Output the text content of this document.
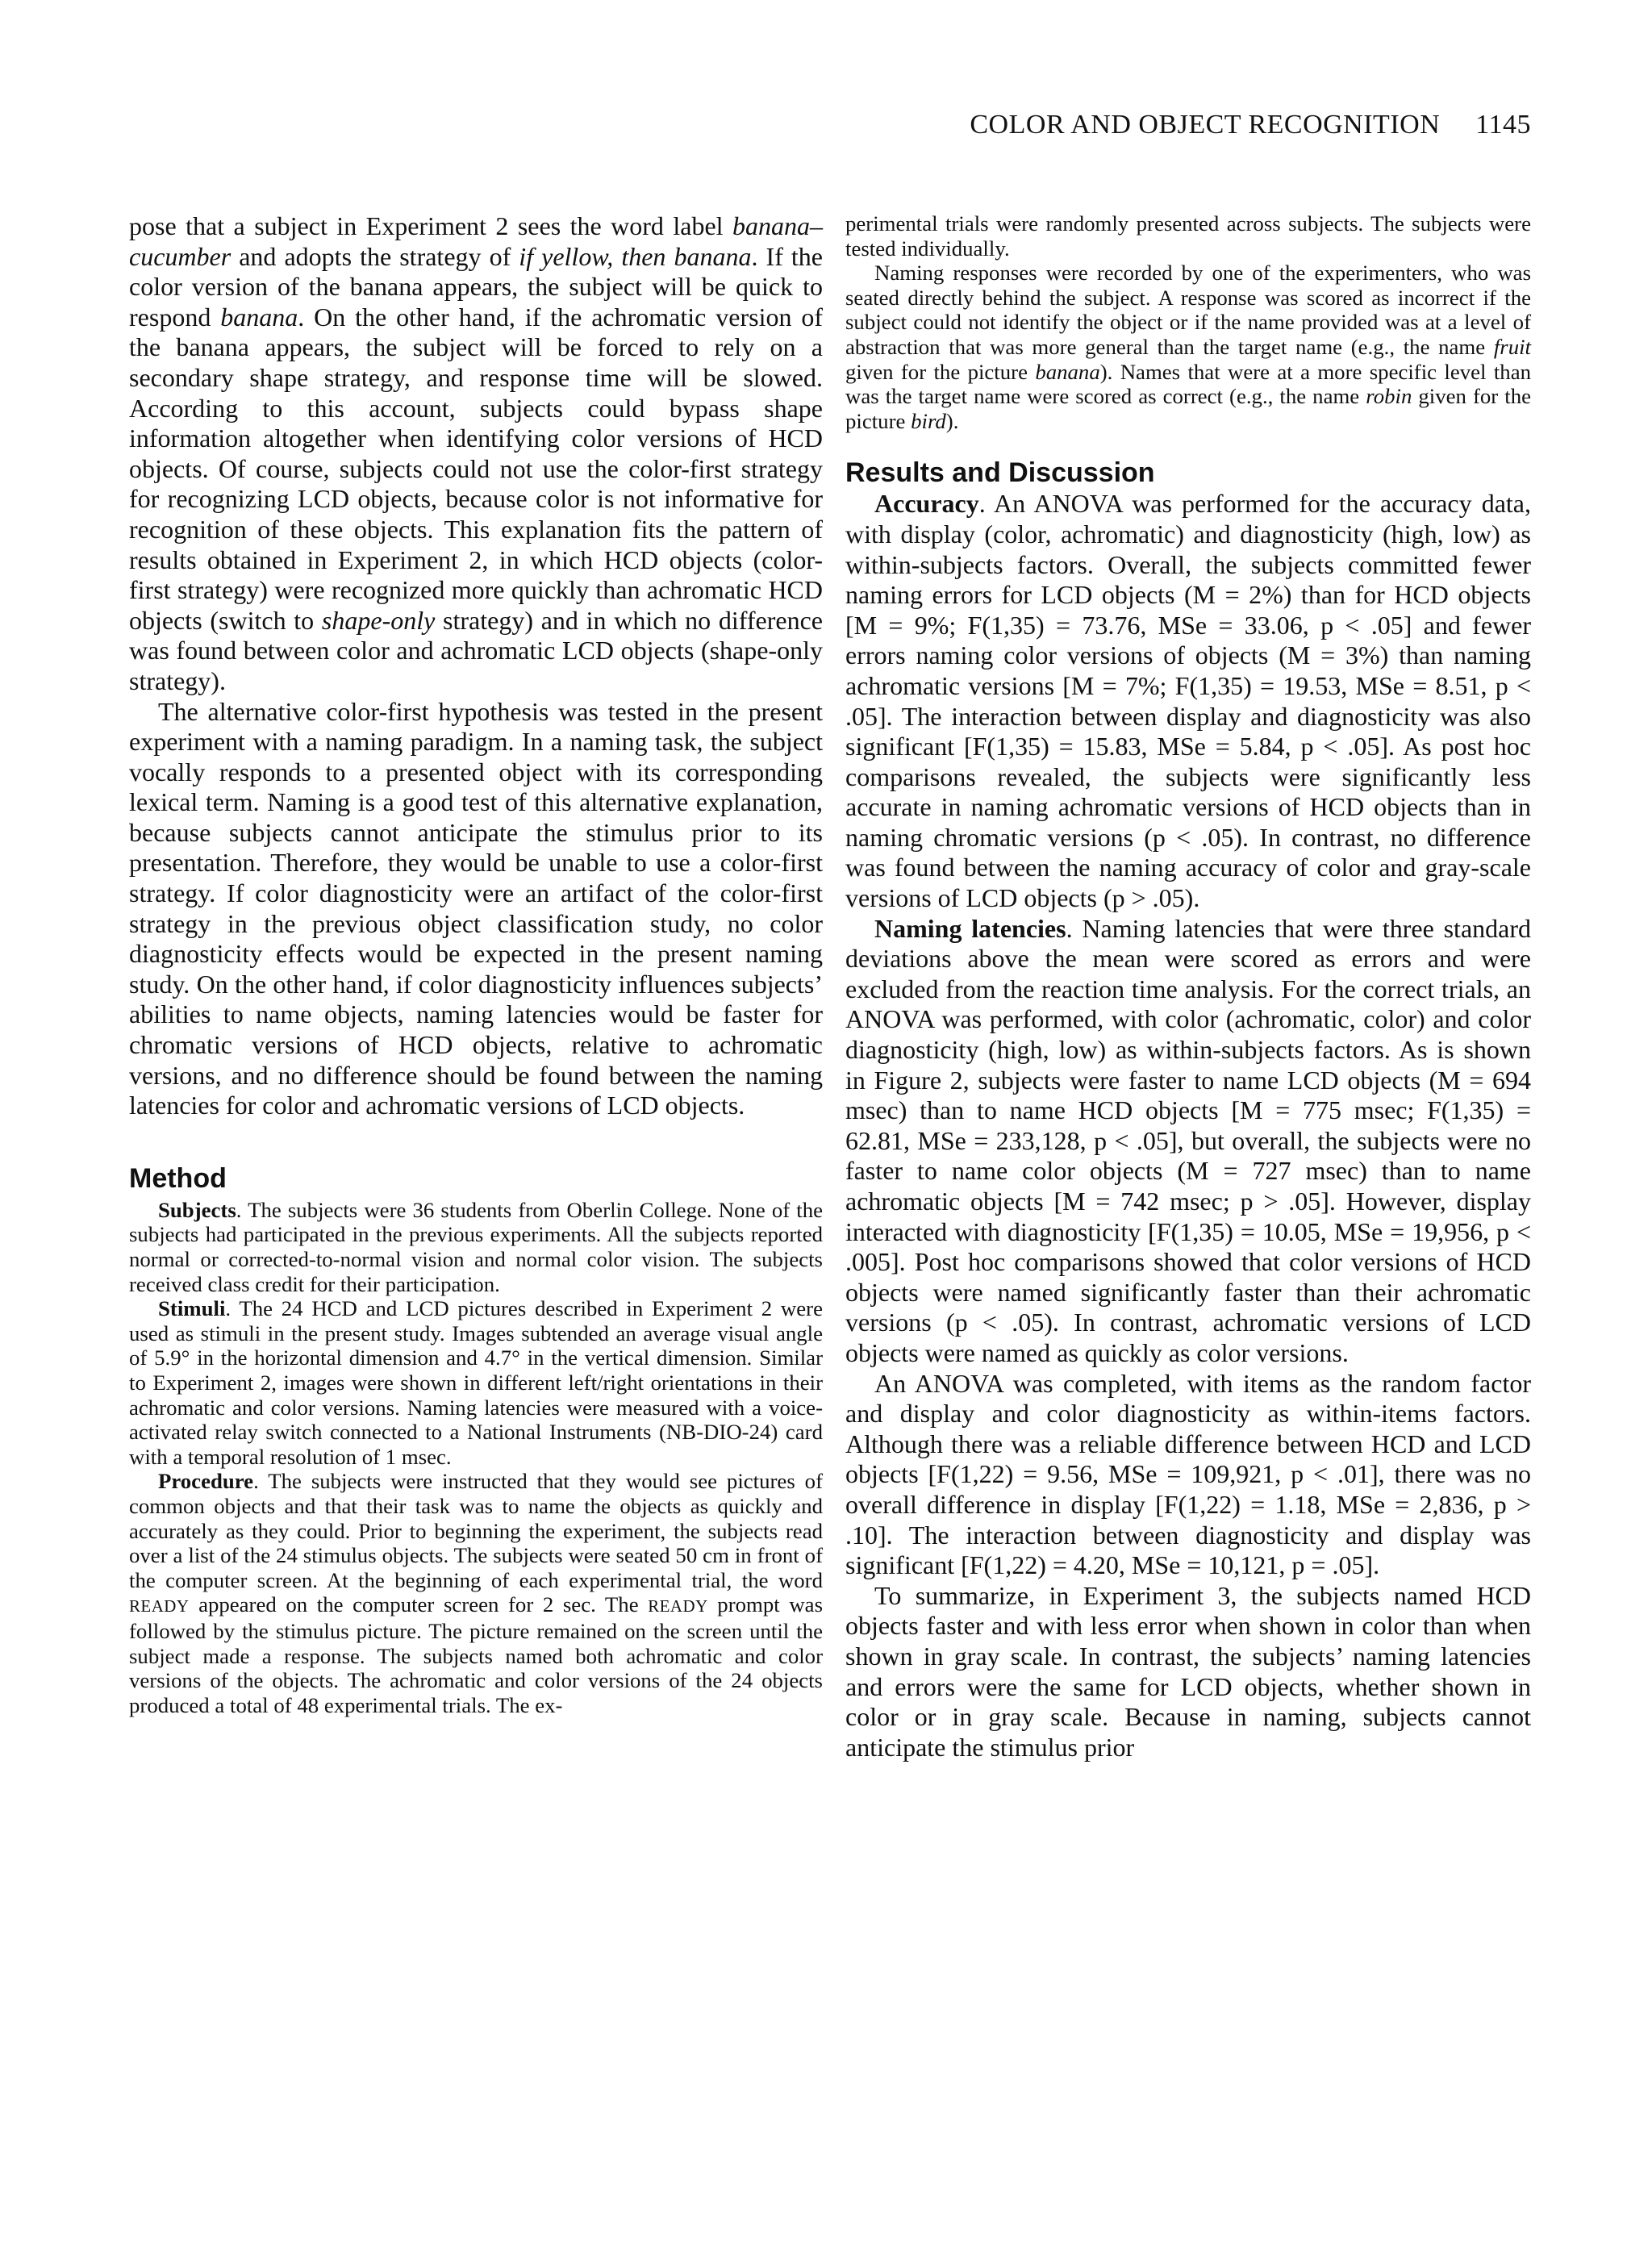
COLOR AND OBJECT RECOGNITION 1145

pose that a subject in Experiment 2 sees the word label banana–cucumber and adopts the strategy of if yellow, then banana. If the color version of the banana appears, the subject will be quick to respond banana. On the other hand, if the achromatic version of the banana appears, the subject will be forced to rely on a secondary shape strategy, and response time will be slowed. According to this account, subjects could bypass shape information altogether when identifying color versions of HCD objects. Of course, subjects could not use the color-first strategy for recognizing LCD objects, because color is not informative for recognition of these objects. This explanation fits the pattern of results obtained in Experiment 2, in which HCD objects (color-first strategy) were recognized more quickly than achromatic HCD objects (switch to shape-only strategy) and in which no difference was found between color and achromatic LCD objects (shape-only strategy).

The alternative color-first hypothesis was tested in the present experiment with a naming paradigm. In a naming task, the subject vocally responds to a presented object with its corresponding lexical term. Naming is a good test of this alternative explanation, because subjects cannot anticipate the stimulus prior to its presentation. Therefore, they would be unable to use a color-first strategy. If color diagnosticity were an artifact of the color-first strategy in the previous object classification study, no color diagnosticity effects would be expected in the present naming study. On the other hand, if color diagnosticity influences subjects’ abilities to name objects, naming latencies would be faster for chromatic versions of HCD objects, relative to achromatic versions, and no difference should be found between the naming latencies for color and achromatic versions of LCD objects.

Method

Subjects. The subjects were 36 students from Oberlin College. None of the subjects had participated in the previous experiments. All the subjects reported normal or corrected-to-normal vision and normal color vision. The subjects received class credit for their participation.

Stimuli. The 24 HCD and LCD pictures described in Experiment 2 were used as stimuli in the present study. Images subtended an average visual angle of 5.9° in the horizontal dimension and 4.7° in the vertical dimension. Similar to Experiment 2, images were shown in different left/right orientations in their achromatic and color versions. Naming latencies were measured with a voice-activated relay switch connected to a National Instruments (NB-DIO-24) card with a temporal resolution of 1 msec.

Procedure. The subjects were instructed that they would see pictures of common objects and that their task was to name the objects as quickly and accurately as they could. Prior to beginning the experiment, the subjects read over a list of the 24 stimulus objects. The subjects were seated 50 cm in front of the computer screen. At the beginning of each experimental trial, the word READY appeared on the computer screen for 2 sec. The READY prompt was followed by the stimulus picture. The picture remained on the screen until the subject made a response. The subjects named both achromatic and color versions of the objects. The achromatic and color versions of the 24 objects produced a total of 48 experimental trials. The ex-

perimental trials were randomly presented across subjects. The subjects were tested individually.

Naming responses were recorded by one of the experimenters, who was seated directly behind the subject. A response was scored as incorrect if the subject could not identify the object or if the name provided was at a level of abstraction that was more general than the target name (e.g., the name fruit given for the picture banana). Names that were at a more specific level than was the target name were scored as correct (e.g., the name robin given for the picture bird).

Results and Discussion

Accuracy. An ANOVA was performed for the accuracy data, with display (color, achromatic) and diagnosticity (high, low) as within-subjects factors. Overall, the subjects committed fewer naming errors for LCD objects (M = 2%) than for HCD objects [M = 9%; F(1,35) = 73.76, MSe = 33.06, p < .05] and fewer errors naming color versions of objects (M = 3%) than naming achromatic versions [M = 7%; F(1,35) = 19.53, MSe = 8.51, p < .05]. The interaction between display and diagnosticity was also significant [F(1,35) = 15.83, MSe = 5.84, p < .05]. As post hoc comparisons revealed, the subjects were significantly less accurate in naming achromatic versions of HCD objects than in naming chromatic versions (p < .05). In contrast, no difference was found between the naming accuracy of color and gray-scale versions of LCD objects (p > .05).

Naming latencies. Naming latencies that were three standard deviations above the mean were scored as errors and were excluded from the reaction time analysis. For the correct trials, an ANOVA was performed, with color (achromatic, color) and color diagnosticity (high, low) as within-subjects factors. As is shown in Figure 2, subjects were faster to name LCD objects (M = 694 msec) than to name HCD objects [M = 775 msec; F(1,35) = 62.81, MSe = 233,128, p < .05], but overall, the subjects were no faster to name color objects (M = 727 msec) than to name achromatic objects [M = 742 msec; p > .05]. However, display interacted with diagnosticity [F(1,35) = 10.05, MSe = 19,956, p < .005]. Post hoc comparisons showed that color versions of HCD objects were named significantly faster than their achromatic versions (p < .05). In contrast, achromatic versions of LCD objects were named as quickly as color versions.

An ANOVA was completed, with items as the random factor and display and color diagnosticity as within-items factors. Although there was a reliable difference between HCD and LCD objects [F(1,22) = 9.56, MSe = 109,921, p < .01], there was no overall difference in display [F(1,22) = 1.18, MSe = 2,836, p > .10]. The interaction between diagnosticity and display was significant [F(1,22) = 4.20, MSe = 10,121, p = .05].

To summarize, in Experiment 3, the subjects named HCD objects faster and with less error when shown in color than when shown in gray scale. In contrast, the subjects’ naming latencies and errors were the same for LCD objects, whether shown in color or in gray scale. Because in naming, subjects cannot anticipate the stimulus prior
